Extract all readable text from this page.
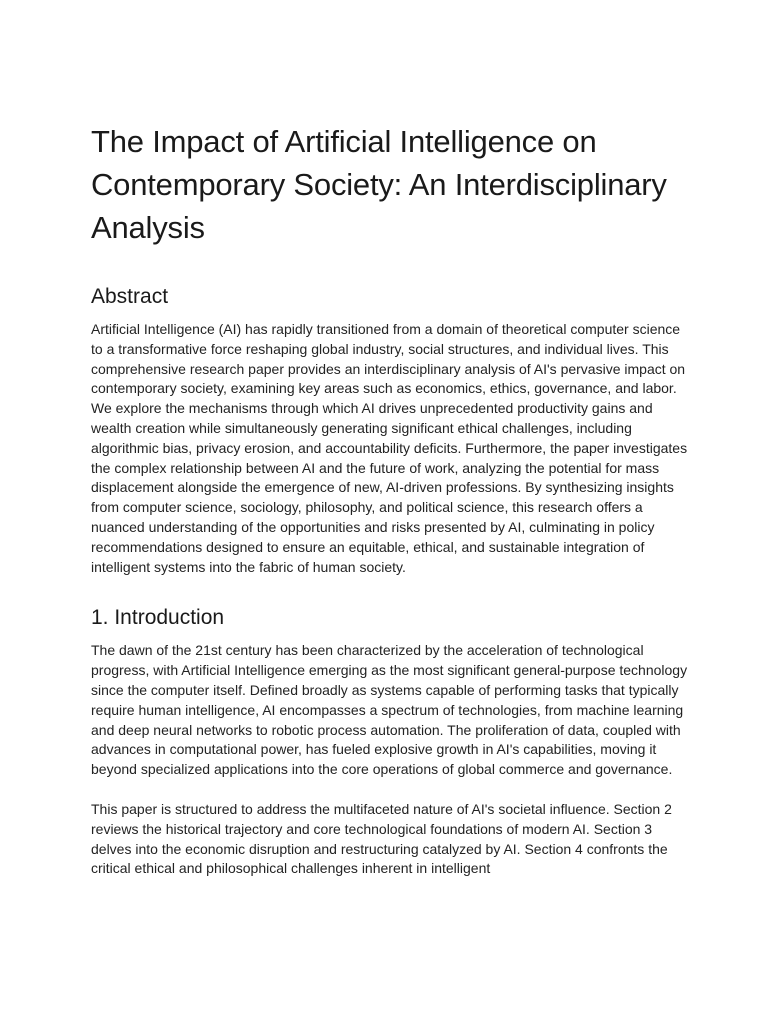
The Impact of Artificial Intelligence on Contemporary Society: An Interdisciplinary Analysis
Abstract

Artificial Intelligence (AI) has rapidly transitioned from a domain of theoretical computer science to a transformative force reshaping global industry, social structures, and individual lives. This comprehensive research paper provides an interdisciplinary analysis of AI's pervasive impact on contemporary society, examining key areas such as economics, ethics, governance, and labor. We explore the mechanisms through which AI drives unprecedented productivity gains and wealth creation while simultaneously generating significant ethical challenges, including algorithmic bias, privacy erosion, and accountability deficits. Furthermore, the paper investigates the complex relationship between AI and the future of work, analyzing the potential for mass displacement alongside the emergence of new, AI-driven professions. By synthesizing insights from computer science, sociology, philosophy, and political science, this research offers a nuanced understanding of the opportunities and risks presented by AI, culminating in policy recommendations designed to ensure an equitable, ethical, and sustainable integration of intelligent systems into the fabric of human society.

1. Introduction

The dawn of the 21st century has been characterized by the acceleration of technological progress, with Artificial Intelligence emerging as the most significant general-purpose technology since the computer itself. Defined broadly as systems capable of performing tasks that typically require human intelligence, AI encompasses a spectrum of technologies, from machine learning and deep neural networks to robotic process automation. The proliferation of data, coupled with advances in computational power, has fueled explosive growth in AI's capabilities, moving it beyond specialized applications into the core operations of global commerce and governance.

This paper is structured to address the multifaceted nature of AI's societal influence. Section 2 reviews the historical trajectory and core technological foundations of modern AI. Section 3 delves into the economic disruption and restructuring catalyzed by AI. Section 4 confronts the critical ethical and philosophical challenges inherent in intelligent
